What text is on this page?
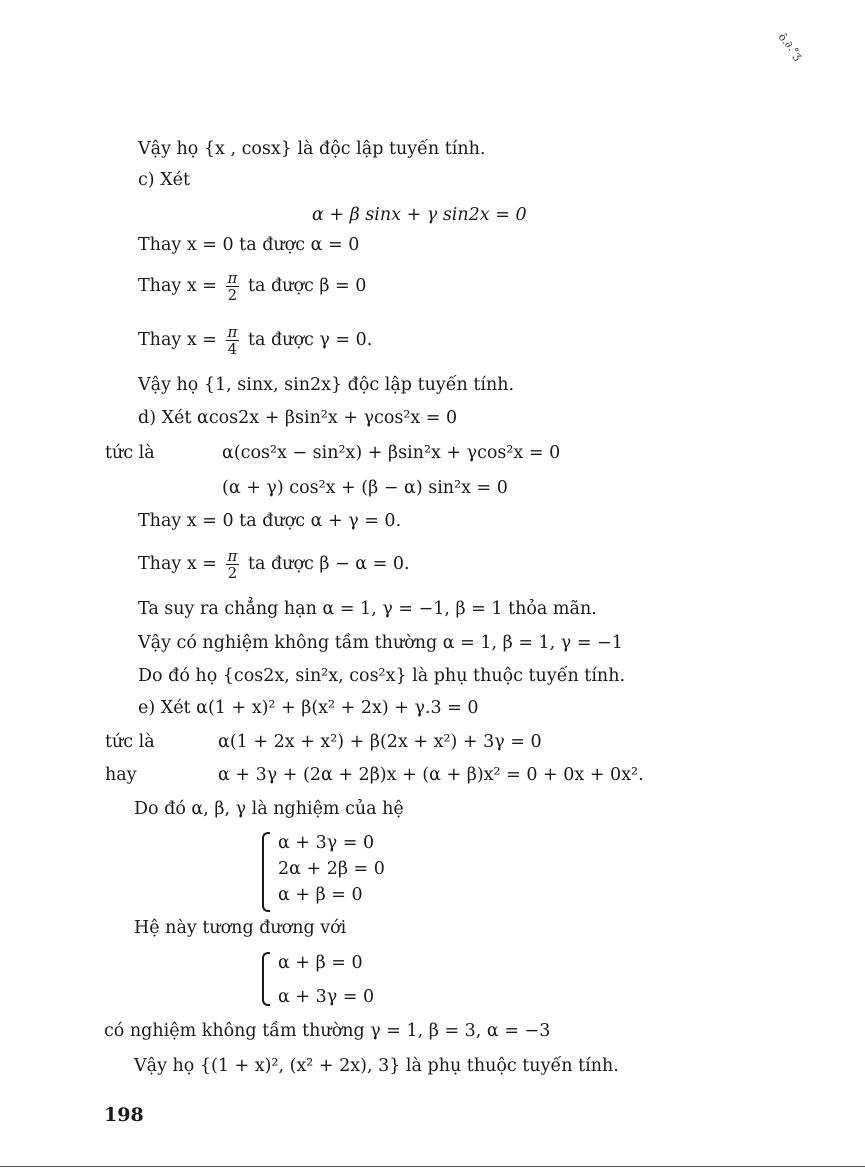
ô.∂.°ʒ
Vậy họ {x , cosx} là độc lập tuyến tính.
c) Xét
α + β sinx + γ sin2x = 0
Thay x = 0 ta được α = 0
Thay $x = \frac{\pi}{2}$ ta được β = 0
Thay $x = \frac{\pi}{4}$ ta được γ = 0.
Vậy họ {1, sinx, sin2x} độc lập tuyến tính.
d) Xét αcos2x + βsin²x + γcos²x = 0
tức là	α(cos²x − sin²x) + βsin²x + γcos²x = 0
(α + γ) cos²x + (β − α) sin²x = 0
Thay x = 0 ta được α + γ = 0.
Thay $x = \frac{\pi}{2}$ ta được β − α = 0.
Ta suy ra chẳng hạn α = 1, γ = −1, β = 1 thỏa mãn.
Vậy có nghiệm không tầm thường α = 1, β = 1, γ = −1
Do đó họ {cos2x, sin²x, cos²x} là phụ thuộc tuyến tính.
e) Xét α(1 + x)² + β(x² + 2x) + γ.3 = 0
tức là	α(1 + 2x + x²) + β(2x + x²) + 3γ = 0
hay	α + 3γ + (2α + 2β)x + (α + β)x² = 0 + 0x + 0x².
Do đó α, β, γ là nghiệm của hệ
α + 3γ = 0
2α + 2β = 0
α + β = 0
Hệ này tương đương với
α + β = 0
α + 3γ = 0
có nghiệm không tầm thường γ = 1, β = 3, α = −3
Vậy họ {(1 + x)², (x² + 2x), 3} là phụ thuộc tuyến tính.
198
